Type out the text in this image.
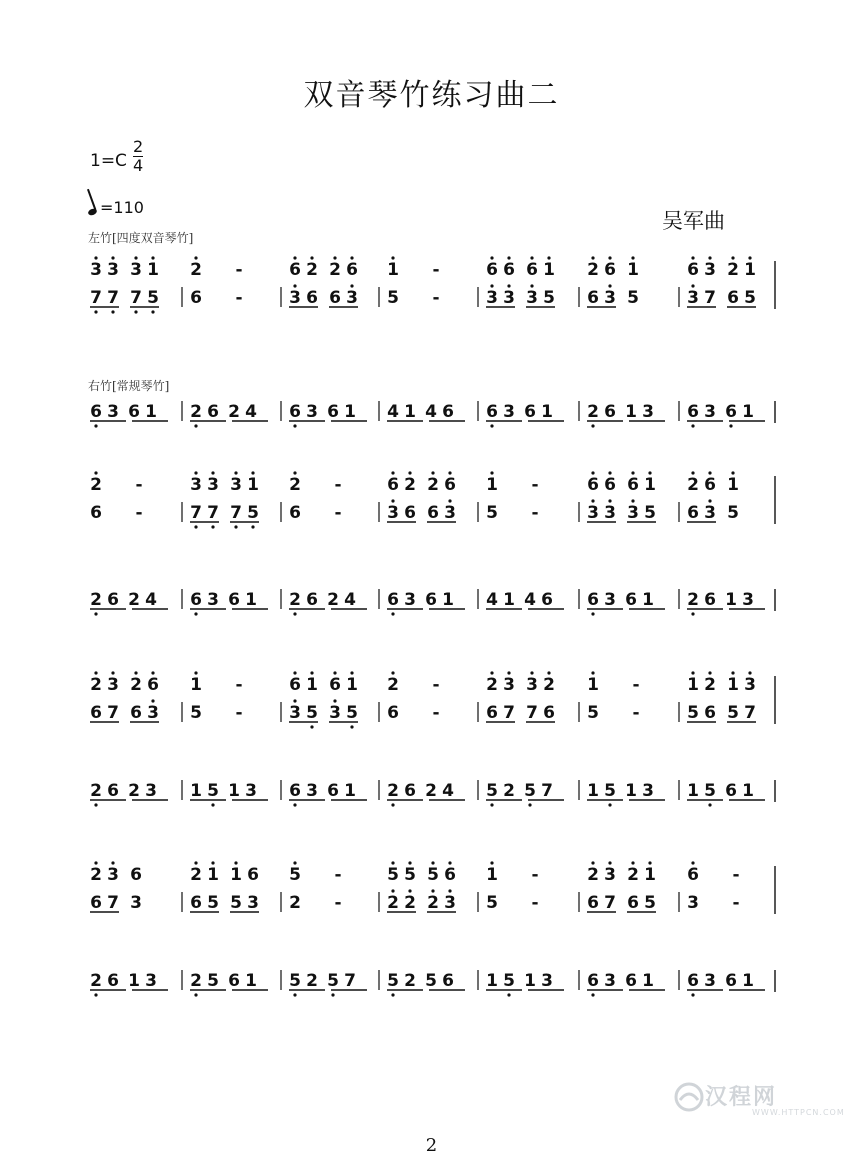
双音琴竹练习曲二
1=C
2
4
=110
吴军曲
左竹[四度双音琴竹]
右竹[常规琴竹]
3
7
3
7
3
7
1
5
2
6
-
-
6
3
2
6
2
6
6
3
1
5
-
-
6
3
6
3
6
3
1
5
2
6
6
3
1
5
6
3
3
7
2
6
1
5
6 3 6 1 2 6 2 4 6 3 6 1 4 1 4 6 6 3 6 1 2 6 1 3 6 3 6 1
2
6
-
-
3
7
3
7
3
7
1
5
2
6
-
-
6
3
2
6
2
6
6
3
1
5
-
-
6
3
6
3
6
3
1
5
2
6
6
3
1
5
2 6 2 4 6 3 6 1 2 6 2 4 6 3 6 1 4 1 4 6 6 3 6 1 2 6 1 3
2
6
3
7
2
6
6
3
1
5
-
-
6
3
1
5
6
3
1
5
2
6
-
-
2
6
3
7
3
7
2
6
1
5
-
-
1
5
2
6
1
5
3
7
2 6 2 3 1 5 1 3 6 3 6 1 2 6 2 4 5 2 5 7 1 5 1 3 1 5 6 1
2
6
3
7
6
3
2
6
1
5
1
5
6
3
5
2
-
-
5
2
5
2
5
2
6
3
1
5
-
-
2
6
3
7
2
6
1
5
6
3
-
-
2 6 1 3 2 5 6 1 5 2 5 7 5 2 5 6 1 5 1 3 6 3 6 1 6 3 6 1
2
汉程网
WWW.HTTPCN.COM
